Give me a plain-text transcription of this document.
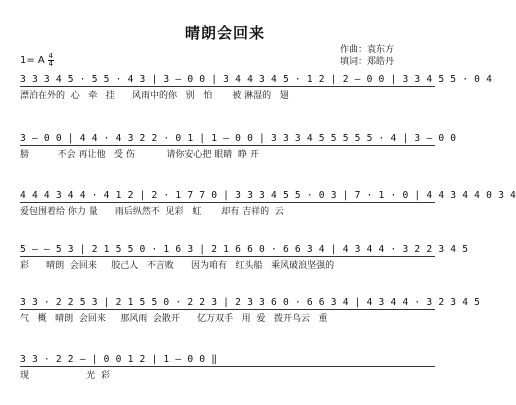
晴朗会回来
1= A 4
4
作曲： 袁东方
填词： 郑皓丹
3 3 3 4 5 · 5 5 · 4 3 | 3 – 0 0 | 3 4 4 3 4 5 · 1 2 | 2 – 0 0 | 3 3 4 5 5 · 0 4
漂泊在外的  心   牵   挂      风雨中的你   别   怕       被 淋湿的   翅
3 – 0 0 | 4 4 · 4 3 2 2 · 0 1 | 1 – 0 0 | 3 3 3 4 5 5 5 5 5 · 4 | 3 – 0 0
膀          不会 再让他   受 伤           请你安心把 眼睛  睁 开
4 4 4 3 4 4 · 4 1 2 | 2 · 1 7 7 0 | 3 3 3 4 5 5 · 0 3 | 7 · 1 · 0 | 4 4 3 4 4 0 3 4
爱包围着给 你力 量      雨后纵然不  见彩   虹       却有 吉祥的  云
5 – – 5 3 | 2 1 5 5 0 · 1 6 3 | 2 1 6 6 0 · 6 6 3 4 | 4 3 4 4 · 3 2 2 3 4 5
彩      晴朗  会回来     胶己人   不言败      因为咱有   红头船   乘风破浪坚强的
3 3 · 2 2 5 3 | 2 1 5 5 0 · 2 2 3 | 2 3 3 6 0 · 6 6 3 4 | 4 3 4 4 · 3 2 3 4 5
气   概   晴朗  会回来     那风雨  会散开      亿万双手   用  爱   拨开乌云   重
3 3 · 2 2 – | 0 0 1 2 | 1 – 0 0 ‖
现                    光  彩
